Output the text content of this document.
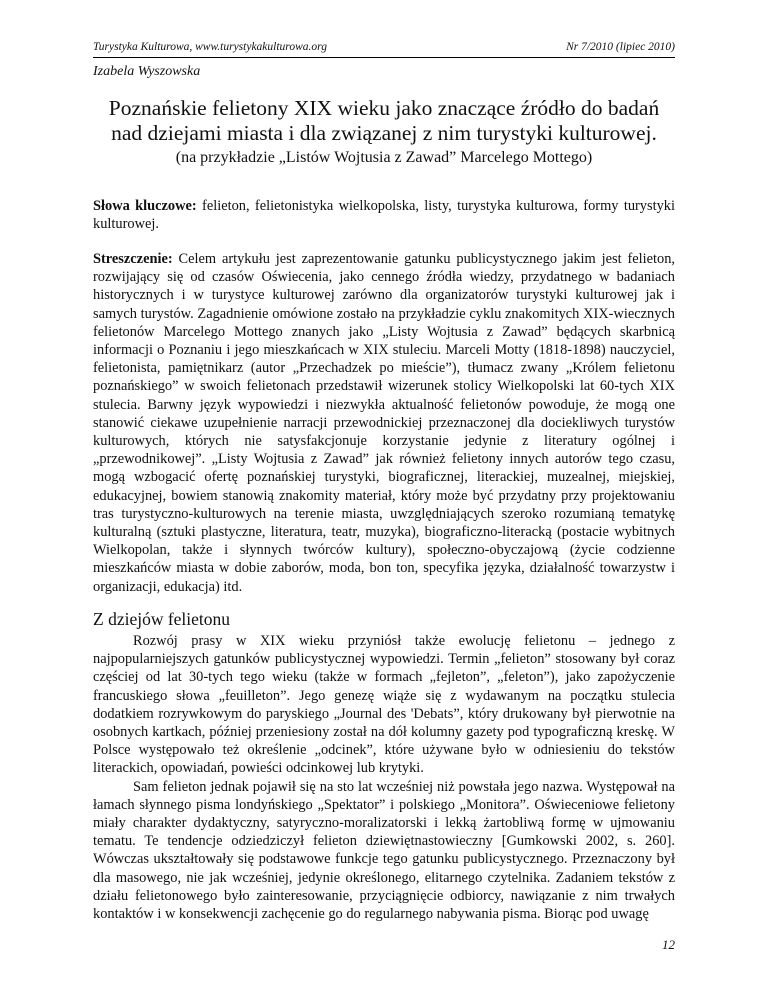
Turystyka Kulturowa, www.turystykakulturowa.org	Nr 7/2010 (lipiec 2010)
Izabela Wyszowska
Poznańskie felietony XIX wieku jako znaczące źródło do badań nad dziejami miasta i dla związanej z nim turystyki kulturowej.
(na przykładzie „Listów Wojtusia z Zawad” Marcelego Mottego)
Słowa kluczowe: felieton, felietonistyka wielkopolska, listy, turystyka kulturowa, formy turystyki kulturowej.
Streszczenie: Celem artykułu jest zaprezentowanie gatunku publicystycznego jakim jest felieton, rozwijający się od czasów Oświecenia, jako cennego źródła wiedzy, przydatnego w badaniach historycznych i w turystyce kulturowej zarówno dla organizatorów turystyki kulturowej jak i samych turystów. Zagadnienie omówione zostało na przykładzie cyklu znakomitych XIX-wiecznych felietonów Marcelego Mottego znanych jako „Listy Wojtusia z Zawad” będących skarbnicą informacji o Poznaniu i jego mieszkańcach w XIX stuleciu. Marceli Motty (1818-1898) nauczyciel, felietonista, pamiętnikarz (autor „Przechadzek po mieście”), tłumacz zwany „Królem felietonu poznańskiego” w swoich felietonach przedstawił wizerunek stolicy Wielkopolski lat 60-tych XIX stulecia. Barwny język wypowiedzi i niezwykła aktualność felietonów powoduje, że mogą one stanowić ciekawe uzupełnienie narracji przewodnickiej przeznaczonej dla dociekliwych turystów kulturowych, których nie satysfakcjonuje korzystanie jedynie z literatury ogólnej i „przewodnikowej”. „Listy Wojtusia z Zawad” jak również felietony innych autorów tego czasu, mogą wzbogacić ofertę poznańskiej turystyki, biograficznej, literackiej, muzealnej, miejskiej, edukacyjnej, bowiem stanowią znakomity materiał, który może być przydatny przy projektowaniu tras turystyczno-kulturowych na terenie miasta, uwzględniających szeroko rozumianą tematykę kulturalną (sztuki plastyczne, literatura, teatr, muzyka), biograficzno-literacką (postacie wybitnych Wielkopolan, także i słynnych twórców kultury), społeczno-obyczajową (życie codzienne mieszkańców miasta w dobie zaborów, moda, bon ton, specyfika języka, działalność towarzystw i organizacji, edukacja) itd.
Z dziejów felietonu

Rozwój prasy w XIX wieku przyniósł także ewolucję felietonu – jednego z najpopularniejszych gatunków publicystycznej wypowiedzi. Termin „felieton” stosowany był coraz częściej od lat 30-tych tego wieku (także w formach „fejleton”, „feleton”), jako zapożyczenie francuskiego słowa „feuilleton”. Jego genezę wiąże się z wydawanym na początku stulecia dodatkiem rozrywkowym do paryskiego „Journal des 'Debats”, który drukowany był pierwotnie na osobnych kartkach, później przeniesiony został na dół kolumny gazety pod typograficzną kreskę. W Polsce występowało też określenie „odcinek”, które używane było w odniesieniu do tekstów literackich, opowiadań, powieści odcinkowej lub krytyki.

Sam felieton jednak pojawił się na sto lat wcześniej niż powstała jego nazwa. Występował na łamach słynnego pisma londyńskiego „Spektator” i polskiego „Monitora”. Oświeceniowe felietony miały charakter dydaktyczny, satyryczno-moralizatorski i lekką żartobliwą formę w ujmowaniu tematu. Te tendencje odziedziczył felieton dziewiętnastowieczny [Gumkowski 2002, s. 260]. Wówczas ukształtowały się podstawowe funkcje tego gatunku publicystycznego. Przeznaczony był dla masowego, nie jak wcześniej, jedynie określonego, elitarnego czytelnika. Zadaniem tekstów z działu felietonowego było zainteresowanie, przyciągnięcie odbiorcy, nawiązanie z nim trwałych kontaktów i w konsekwencji zachęcenie go do regularnego nabywania pisma. Biorąc pod uwagę

12
